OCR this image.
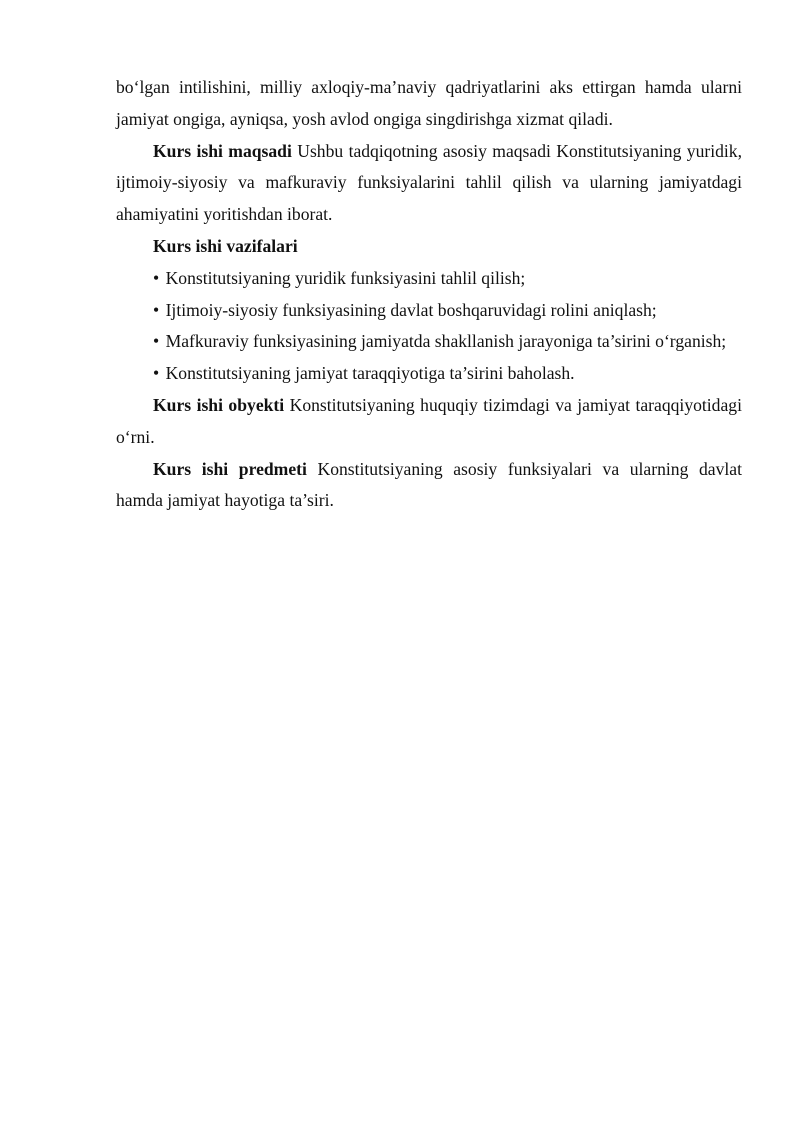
bo‘lgan intilishini, milliy axloqiy-ma’naviy qadriyatlarini aks ettirgan hamda ularni jamiyat ongiga, ayniqsa, yosh avlod ongiga singdirishga xizmat qiladi.

Kurs ishi maqsadi Ushbu tadqiqotning asosiy maqsadi Konstitutsiyaning yuridik, ijtimoiy-siyosiy va mafkuraviy funksiyalarini tahlil qilish va ularning jamiyatdagi ahamiyatini yoritishdan iborat.

Kurs ishi vazifalari

• Konstitutsiyaning yuridik funksiyasini tahlil qilish;

• Ijtimoiy-siyosiy funksiyasining davlat boshqaruvidagi rolini aniqlash;

• Mafkuraviy funksiyasining jamiyatda shakllanish jarayoniga ta’sirini o‘rganish;

• Konstitutsiyaning jamiyat taraqqiyotiga ta’sirini baholash.

Kurs ishi obyekti Konstitutsiyaning huquqiy tizimdagi va jamiyat taraqqiyotidagi o‘rni.

Kurs ishi predmeti Konstitutsiyaning asosiy funksiyalari va ularning davlat hamda jamiyat hayotiga ta’siri.
